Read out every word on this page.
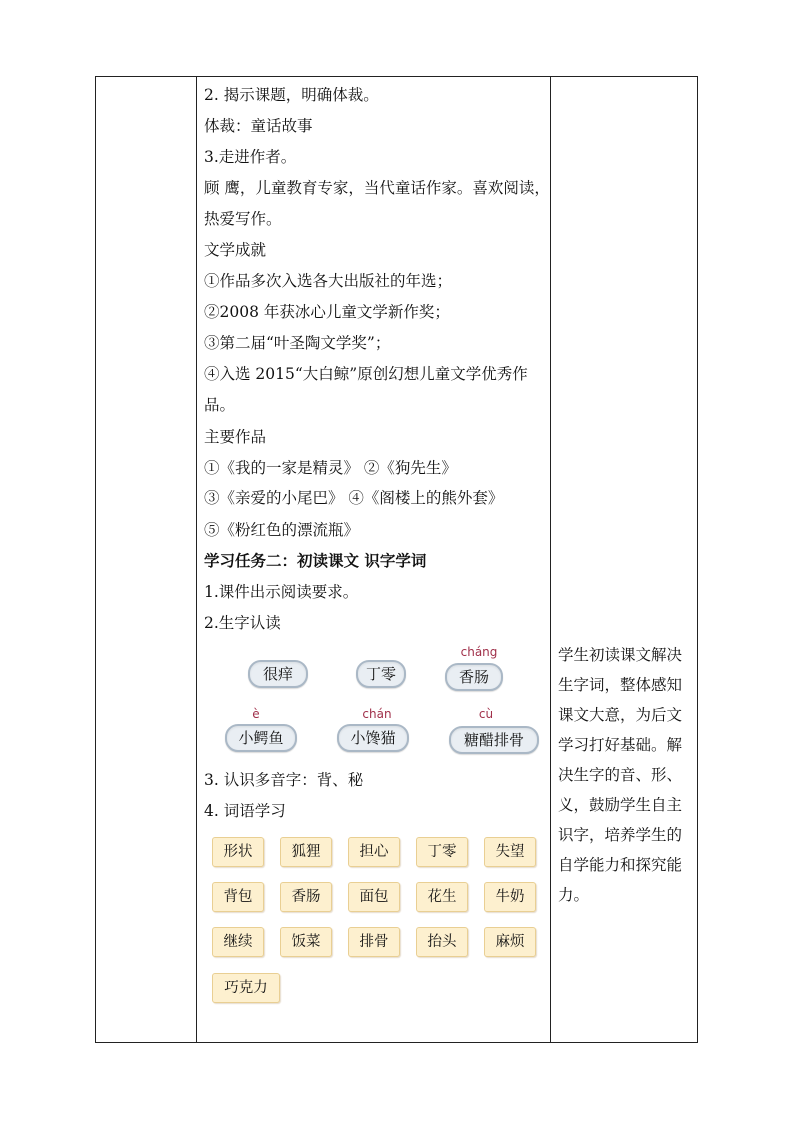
2. 揭示课题，明确体裁。
体裁：童话故事
3.走进作者。
顾 鹰，儿童教育专家，当代童话作家。喜欢阅读，
热爱写作。
文学成就
①作品多次入选各大出版社的年选；
②2008 年获冰心儿童文学新作奖；
③第二届“叶圣陶文学奖”；
④入选 2015“大白鲸”原创幻想儿童文学优秀作
品。
主要作品
①《我的一家是精灵》 ②《狗先生》
③《亲爱的小尾巴》 ④《阁楼上的熊外套》
⑤《粉红色的漂流瓶》
学习任务二：初读课文 识字学词
1.课件出示阅读要求。
2.生字认读
cháng
很痒	丁零	香肠
è	chán	cù
小鳄鱼	小馋猫	糖醋排骨
3. 认识多音字：背、秘
4. 词语学习
形状	狐狸	担心	丁零	失望
背包	香肠	面包	花生	牛奶
继续	饭菜	排骨	抬头	麻烦
巧克力
学生初读课文解决
生字词，整体感知
课文大意，为后文
学习打好基础。解
决生字的音、形、
义，鼓励学生自主
识字，培养学生的
自学能力和探究能
力。
